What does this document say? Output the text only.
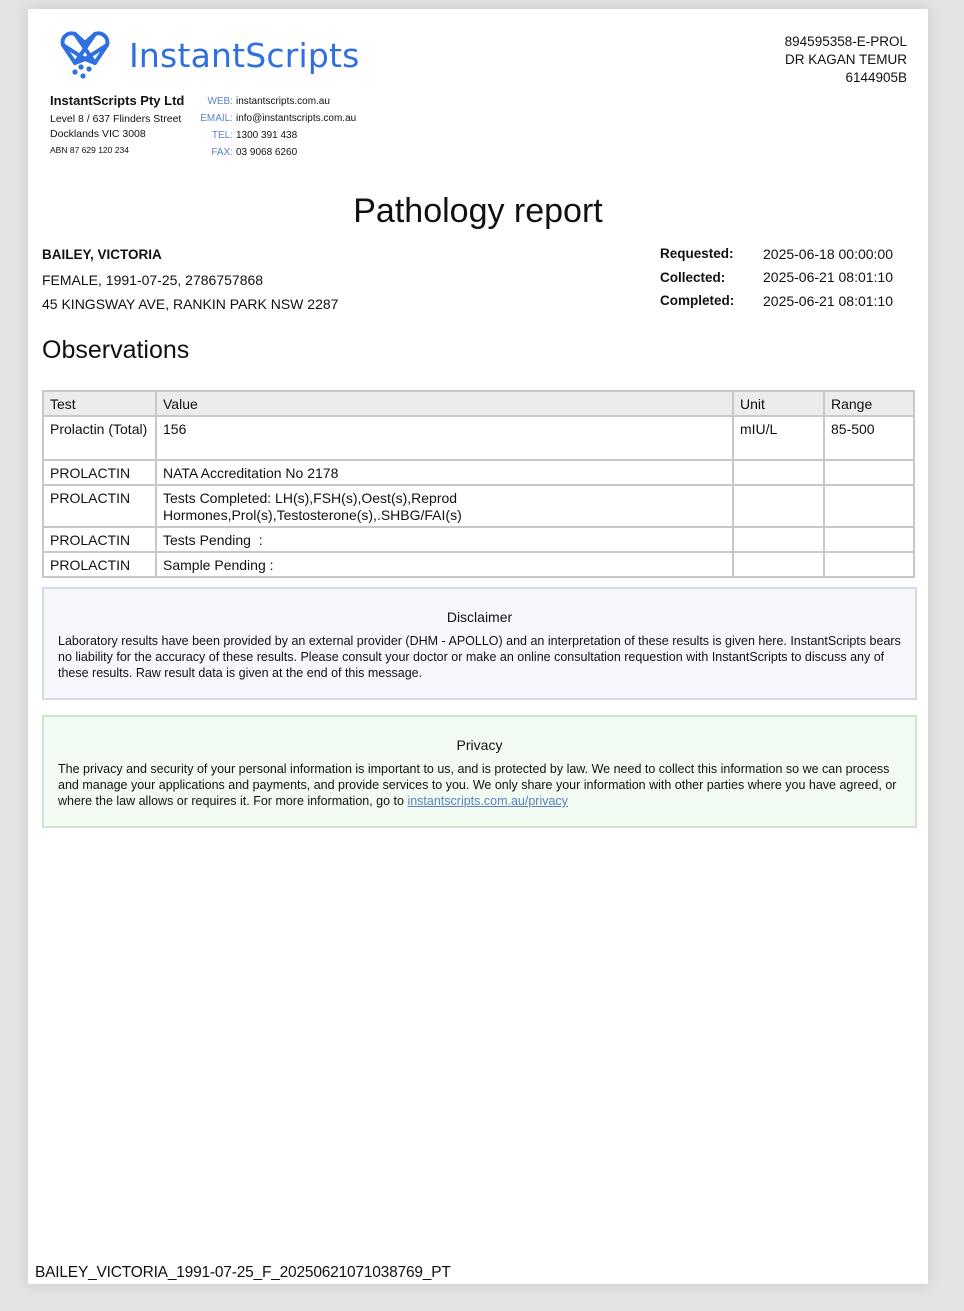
InstantScripts
InstantScripts Pty Ltd
Level 8 / 637 Flinders Street
Docklands VIC 3008
ABN 87 629 120 234
WEB: instantscripts.com.au
EMAIL: info@instantscripts.com.au
TEL: 1300 391 438
FAX: 03 9068 6260
894595358-E-PROL
DR KAGAN TEMUR
6144905B
Pathology report
BAILEY, VICTORIA
FEMALE, 1991-07-25, 2786757868
45 KINGSWAY AVE, RANKIN PARK NSW 2287
Requested:	2025-06-18 00:00:00
Collected:	2025-06-21 08:01:10
Completed:	2025-06-21 08:01:10
Observations
Test	Value	Unit	Range
Prolactin (Total)	156	mIU/L	85-500
PROLACTIN	NATA Accreditation No 2178		
PROLACTIN	Tests Completed: LH(s),FSH(s),Oest(s),Reprod Hormones,Prol(s),Testosterone(s),.SHBG/FAI(s)		
PROLACTIN	Tests Pending  :		
PROLACTIN	Sample Pending :		
Disclaimer
Laboratory results have been provided by an external provider (DHM - APOLLO) and an interpretation of these results is given here. InstantScripts bears no liability for the accuracy of these results. Please consult your doctor or make an online consultation requestion with InstantScripts to discuss any of these results. Raw result data is given at the end of this message.
Privacy
The privacy and security of your personal information is important to us, and is protected by law. We need to collect this information so we can process and manage your applications and payments, and provide services to you. We only share your information with other parties where you have agreed, or where the law allows or requires it. For more information, go to instantscripts.com.au/privacy
BAILEY_VICTORIA_1991-07-25_F_20250621071038769_PT
